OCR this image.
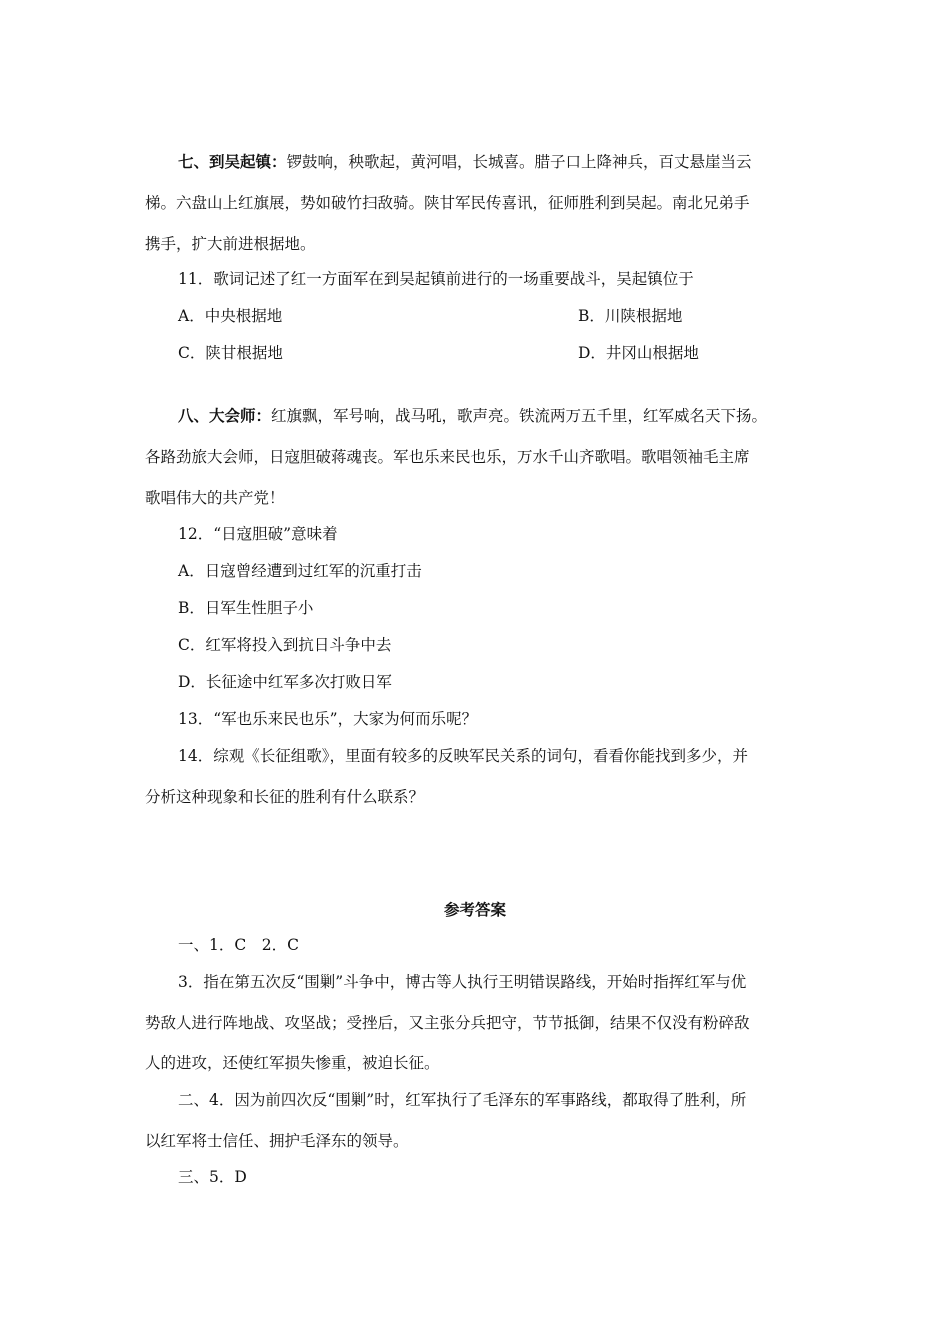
七、到吴起镇：锣鼓响，秧歌起，黄河唱，长城喜。腊子口上降神兵，百丈悬崖当云
梯。六盘山上红旗展，势如破竹扫敌骑。陕甘军民传喜讯，征师胜利到吴起。南北兄弟手
携手，扩大前进根据地。
11．歌词记述了红一方面军在到吴起镇前进行的一场重要战斗，吴起镇位于
A．中央根据地	B．川陕根据地
C．陕甘根据地	D．井冈山根据地
八、大会师：红旗飘，军号响，战马吼，歌声亮。铁流两万五千里，红军威名天下扬。
各路劲旅大会师，日寇胆破蒋魂丧。军也乐来民也乐，万水千山齐歌唱。歌唱领袖毛主席
歌唱伟大的共产党！
12．“日寇胆破”意味着
A．日寇曾经遭到过红军的沉重打击
B．日军生性胆子小
C．红军将投入到抗日斗争中去
D．长征途中红军多次打败日军
13．“军也乐来民也乐”，大家为何而乐呢？
14．综观《长征组歌》，里面有较多的反映军民关系的词句，看看你能找到多少，并
分析这种现象和长征的胜利有什么联系？
参考答案
一、1．C　2．C
3．指在第五次反“围剿”斗争中，博古等人执行王明错误路线，开始时指挥红军与优
势敌人进行阵地战、攻坚战；受挫后，又主张分兵把守，节节抵御，结果不仅没有粉碎敌
人的进攻，还使红军损失惨重，被迫长征。
二、4．因为前四次反“围剿”时，红军执行了毛泽东的军事路线，都取得了胜利，所
以红军将士信任、拥护毛泽东的领导。
三、5．D
